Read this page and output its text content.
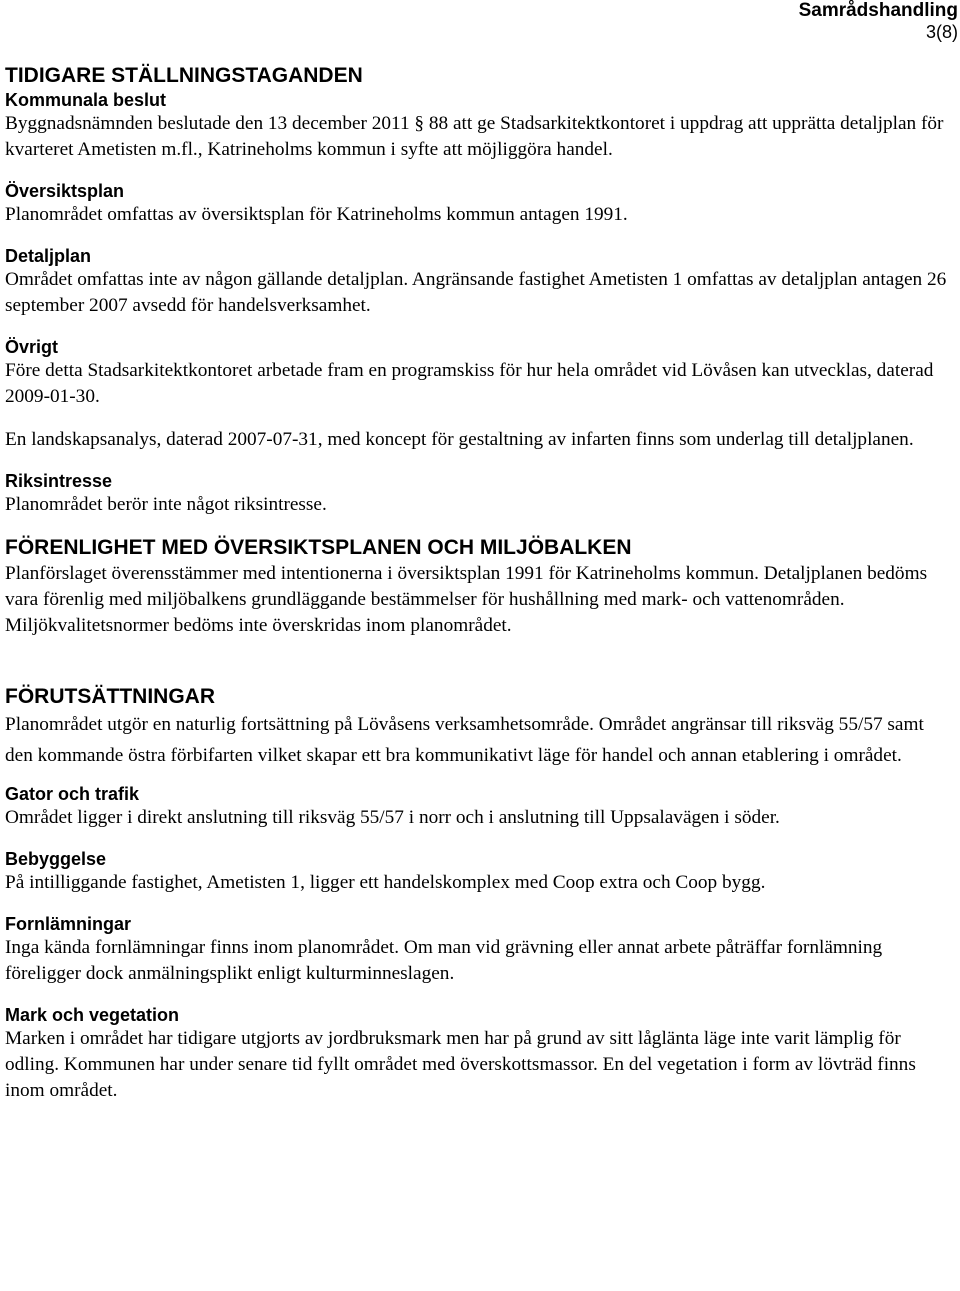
Samrådshandling
3(8)
TIDIGARE STÄLLNINGSTAGANDEN
Kommunala beslut

Byggnadsnämnden beslutade den 13 december 2011 § 88 att ge Stadsarkitektkontoret i uppdrag att upprätta detaljplan för kvarteret Ametisten m.fl., Katrineholms kommun i syfte att möjliggöra handel.

Översiktsplan

Planområdet omfattas av översiktsplan för Katrineholms kommun antagen 1991.

Detaljplan

Området omfattas inte av någon gällande detaljplan. Angränsande fastighet Ametisten 1 omfattas av detaljplan antagen 26 september 2007 avsedd för handelsverksamhet.

Övrigt

Före detta Stadsarkitektkontoret arbetade fram en programskiss för hur hela området vid Lövåsen kan utvecklas, daterad 2009-01-30.

En landskapsanalys, daterad 2007-07-31, med koncept för gestaltning av infarten finns som underlag till detaljplanen.

Riksintresse

Planområdet berör inte något riksintresse.

FÖRENLIGHET MED ÖVERSIKTSPLANEN OCH MILJÖBALKEN

Planförslaget överensstämmer med intentionerna i översiktsplan 1991 för Katrineholms kommun. Detaljplanen bedöms vara förenlig med miljöbalkens grundläggande bestämmelser för hushållning med mark- och vattenområden. Miljökvalitetsnormer bedöms inte överskridas inom planområdet.

FÖRUTSÄTTNINGAR

Planområdet utgör en naturlig fortsättning på Lövåsens verksamhetsområde. Området angränsar till riksväg 55/57 samt den kommande östra förbifarten vilket skapar ett bra kommunikativt läge för handel och annan etablering i området.

Gator och trafik

Området ligger i direkt anslutning till riksväg 55/57 i norr och i anslutning till Uppsalavägen i söder.

Bebyggelse

På intilliggande fastighet, Ametisten 1, ligger ett handelskomplex med Coop extra och Coop bygg.

Fornlämningar

Inga kända fornlämningar finns inom planområdet. Om man vid grävning eller annat arbete påträffar fornlämning föreligger dock anmälningsplikt enligt kulturminneslagen.

Mark och vegetation

Marken i området har tidigare utgjorts av jordbruksmark men har på grund av sitt låglänta läge inte varit lämplig för odling. Kommunen har under senare tid fyllt området med överskottsmassor. En del vegetation i form av lövträd finns inom området.
